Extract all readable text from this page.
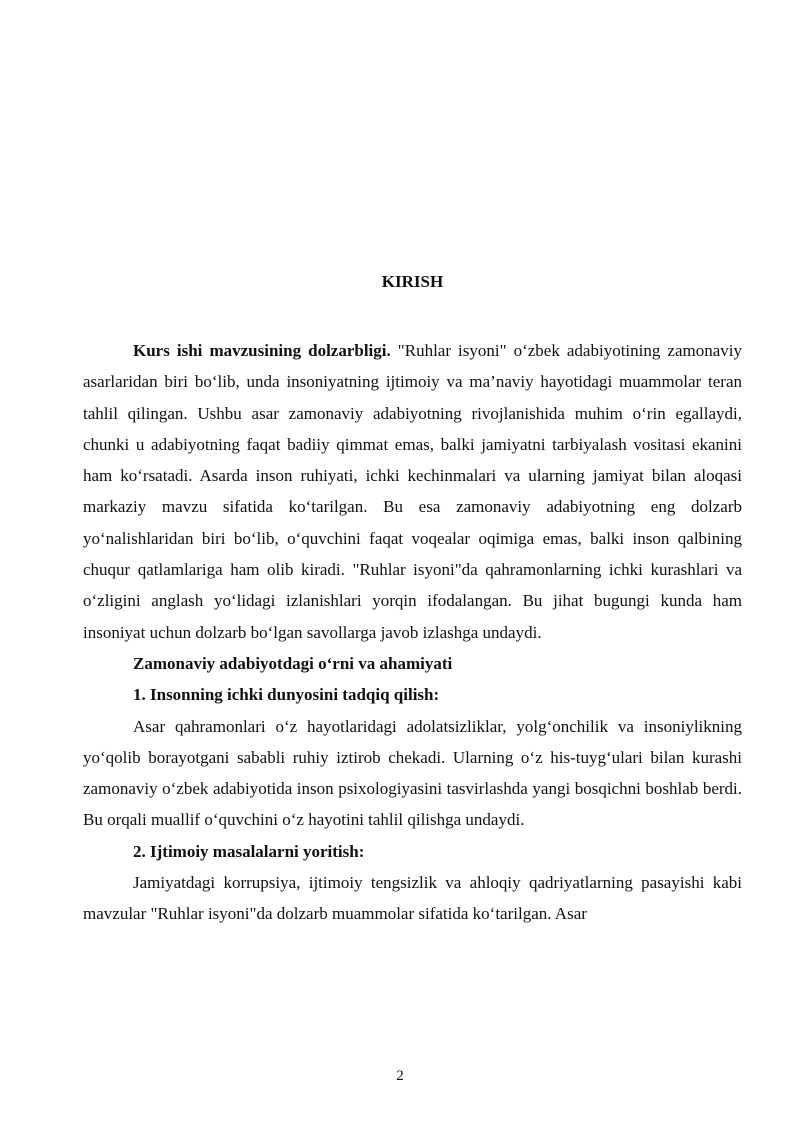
KIRISH

Kurs ishi mavzusining dolzarbligi. "Ruhlar isyoni" o‘zbek adabiyotining zamonaviy asarlaridan biri bo‘lib, unda insoniyatning ijtimoiy va ma’naviy hayotidagi muammolar teran tahlil qilingan. Ushbu asar zamonaviy adabiyotning rivojlanishida muhim o‘rin egallaydi, chunki u adabiyotning faqat badiiy qimmat emas, balki jamiyatni tarbiyalash vositasi ekanini ham ko‘rsatadi. Asarda inson ruhiyati, ichki kechinmalari va ularning jamiyat bilan aloqasi markaziy mavzu sifatida ko‘tarilgan. Bu esa zamonaviy adabiyotning eng dolzarb yo‘nalishlaridan biri bo‘lib, o‘quvchini faqat voqealar oqimiga emas, balki inson qalbining chuqur qatlamlariga ham olib kiradi. "Ruhlar isyoni"da qahramonlarning ichki kurashlari va o‘zligini anglash yo‘lidagi izlanishlari yorqin ifodalangan. Bu jihat bugungi kunda ham insoniyat uchun dolzarb bo‘lgan savollarga javob izlashga undaydi.

Zamonaviy adabiyotdagi o‘rni va ahamiyati

1. Insonning ichki dunyosini tadqiq qilish:

Asar qahramonlari o‘z hayotlaridagi adolatsizliklar, yolg‘onchilik va insoniylikning yo‘qolib borayotgani sababli ruhiy iztirob chekadi. Ularning o‘z his-tuyg‘ulari bilan kurashi zamonaviy o‘zbek adabiyotida inson psixologiyasini tasvirlashda yangi bosqichni boshlab berdi. Bu orqali muallif o‘quvchini o‘z hayotini tahlil qilishga undaydi.

2. Ijtimoiy masalalarni yoritish:

Jamiyatdagi korrupsiya, ijtimoiy tengsizlik va ahloqiy qadriyatlarning pasayishi kabi mavzular "Ruhlar isyoni"da dolzarb muammolar sifatida ko‘tarilgan. Asar

2
